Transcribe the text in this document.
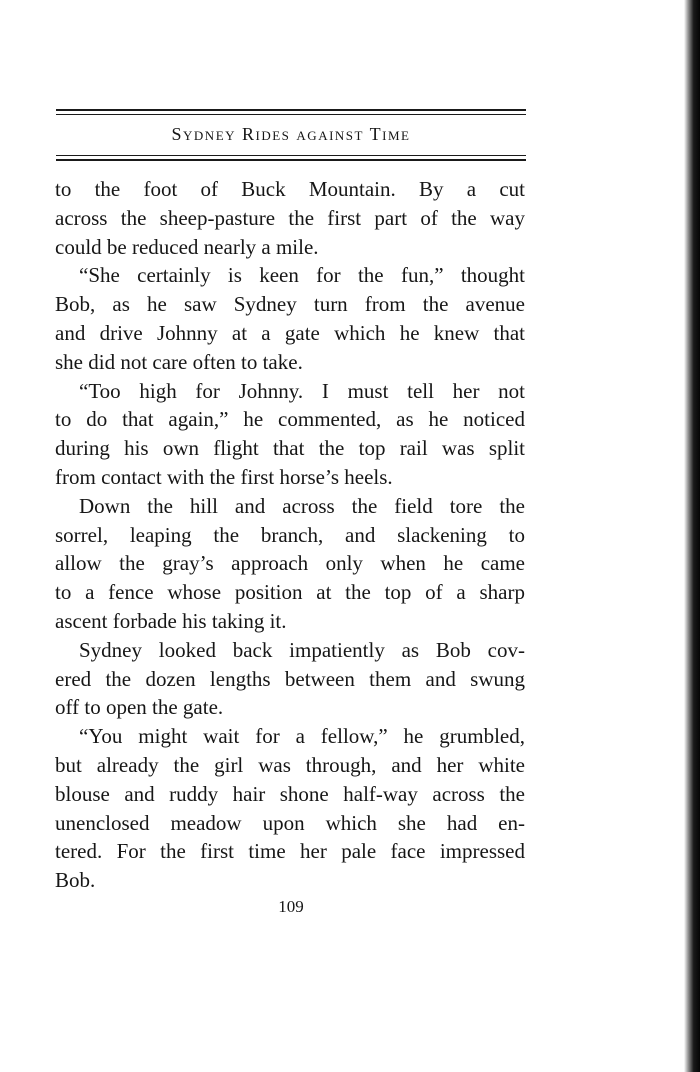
Sydney Rides against Time
to the foot of Buck Mountain. By a cut
across the sheep-pasture the first part of the way
could be reduced nearly a mile.
“She certainly is keen for the fun,” thought
Bob, as he saw Sydney turn from the avenue
and drive Johnny at a gate which he knew that
she did not care often to take.
“Too high for Johnny. I must tell her not
to do that again,” he commented, as he noticed
during his own flight that the top rail was split
from contact with the first horse’s heels.
Down the hill and across the field tore the
sorrel, leaping the branch, and slackening to
allow the gray’s approach only when he came
to a fence whose position at the top of a sharp
ascent forbade his taking it.
Sydney looked back impatiently as Bob cov-
ered the dozen lengths between them and swung
off to open the gate.
“You might wait for a fellow,” he grumbled,
but already the girl was through, and her white
blouse and ruddy hair shone half-way across the
unenclosed meadow upon which she had en-
tered. For the first time her pale face impressed
Bob.
109
